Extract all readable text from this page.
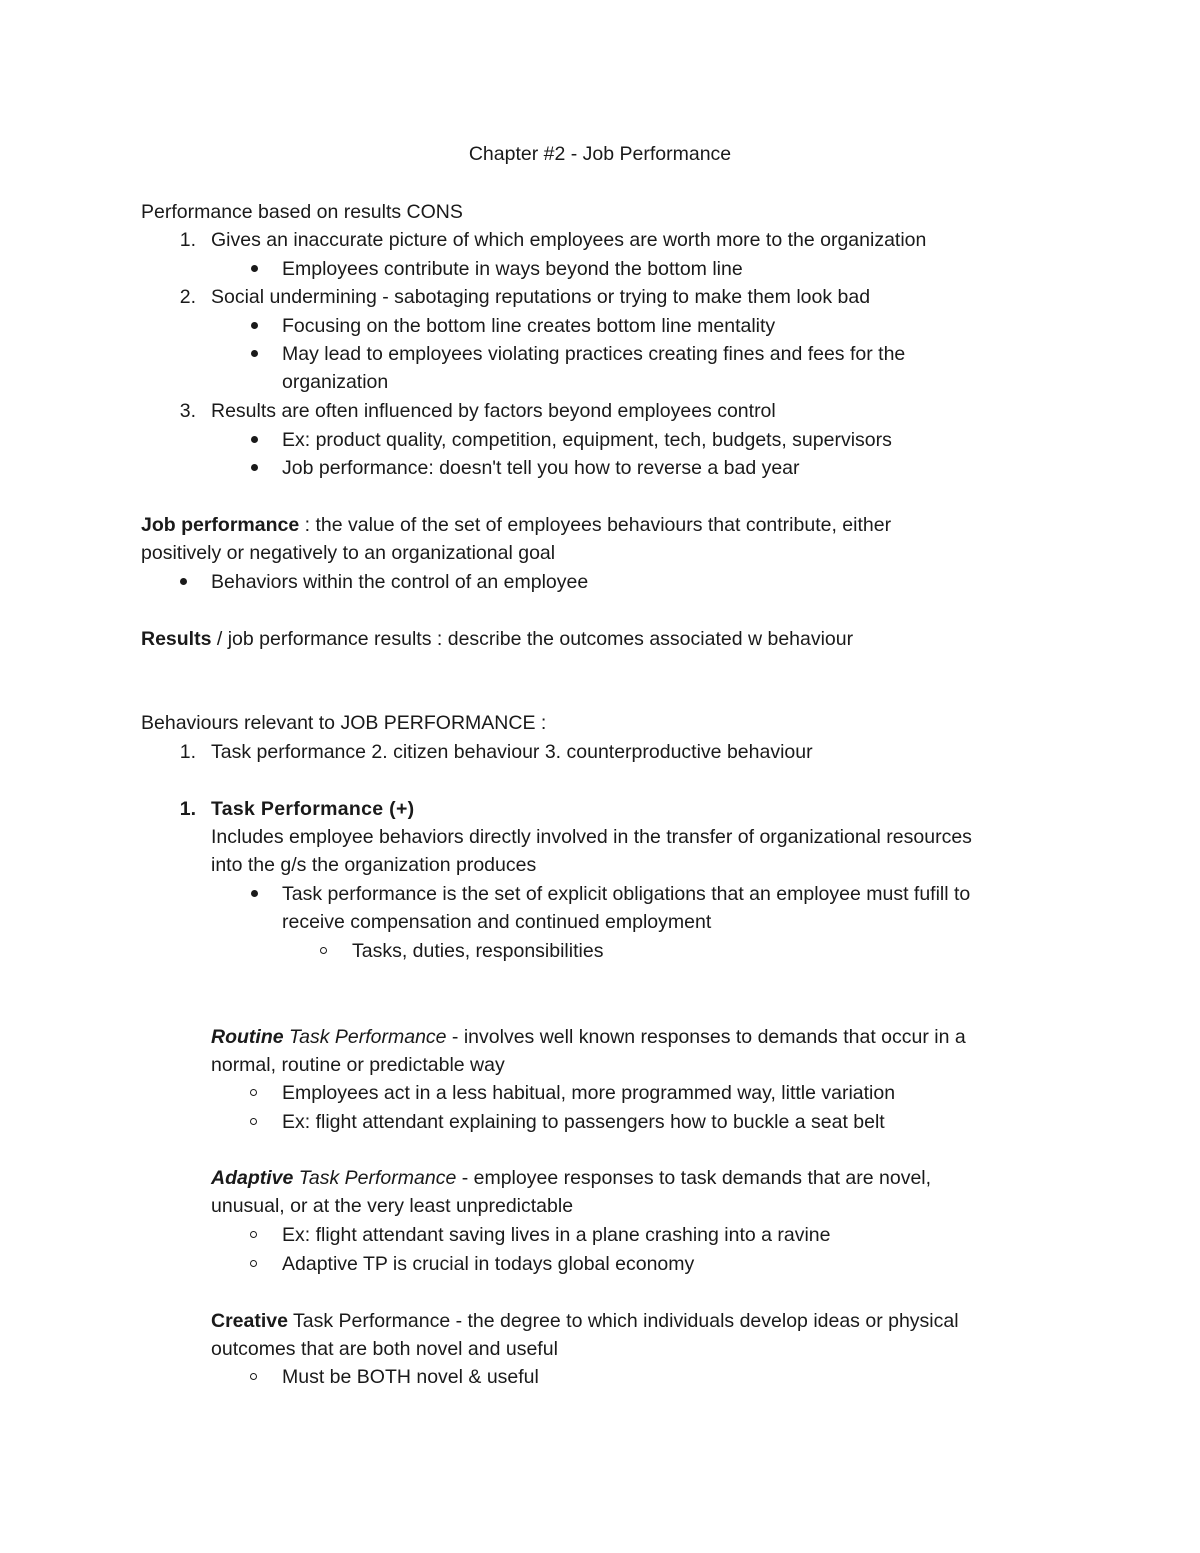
Chapter #2 - Job Performance
Performance based on results CONS
1. Gives an inaccurate picture of which employees are worth more to the organization
Employees contribute in ways beyond the bottom line
2. Social undermining - sabotaging reputations or trying to make them look bad
Focusing on the bottom line creates bottom line mentality
May lead to employees violating practices creating fines and fees for the
organization
3. Results are often influenced by factors beyond employees control
Ex: product quality, competition, equipment, tech, budgets, supervisors
Job performance: doesn't tell you how to reverse a bad year
Job performance : the value of the set of employees behaviours that contribute, either
positively or negatively to an organizational goal
Behaviors within the control of an employee
Results / job performance results : describe the outcomes associated w behaviour
Behaviours relevant to JOB PERFORMANCE :
1. Task performance 2. citizen behaviour 3. counterproductive behaviour
1. Task Performance (+)
Includes employee behaviors directly involved in the transfer of organizational resources
into the g/s the organization produces
Task performance is the set of explicit obligations that an employee must fufill to
receive compensation and continued employment
Tasks, duties, responsibilities
Routine Task Performance - involves well known responses to demands that occur in a
normal, routine or predictable way
Employees act in a less habitual, more programmed way, little variation
Ex: flight attendant explaining to passengers how to buckle a seat belt
Adaptive Task Performance - employee responses to task demands that are novel,
unusual, or at the very least unpredictable
Ex: flight attendant saving lives in a plane crashing into a ravine
Adaptive TP is crucial in todays global economy
Creative Task Performance - the degree to which individuals develop ideas or physical
outcomes that are both novel and useful
Must be BOTH novel & useful
